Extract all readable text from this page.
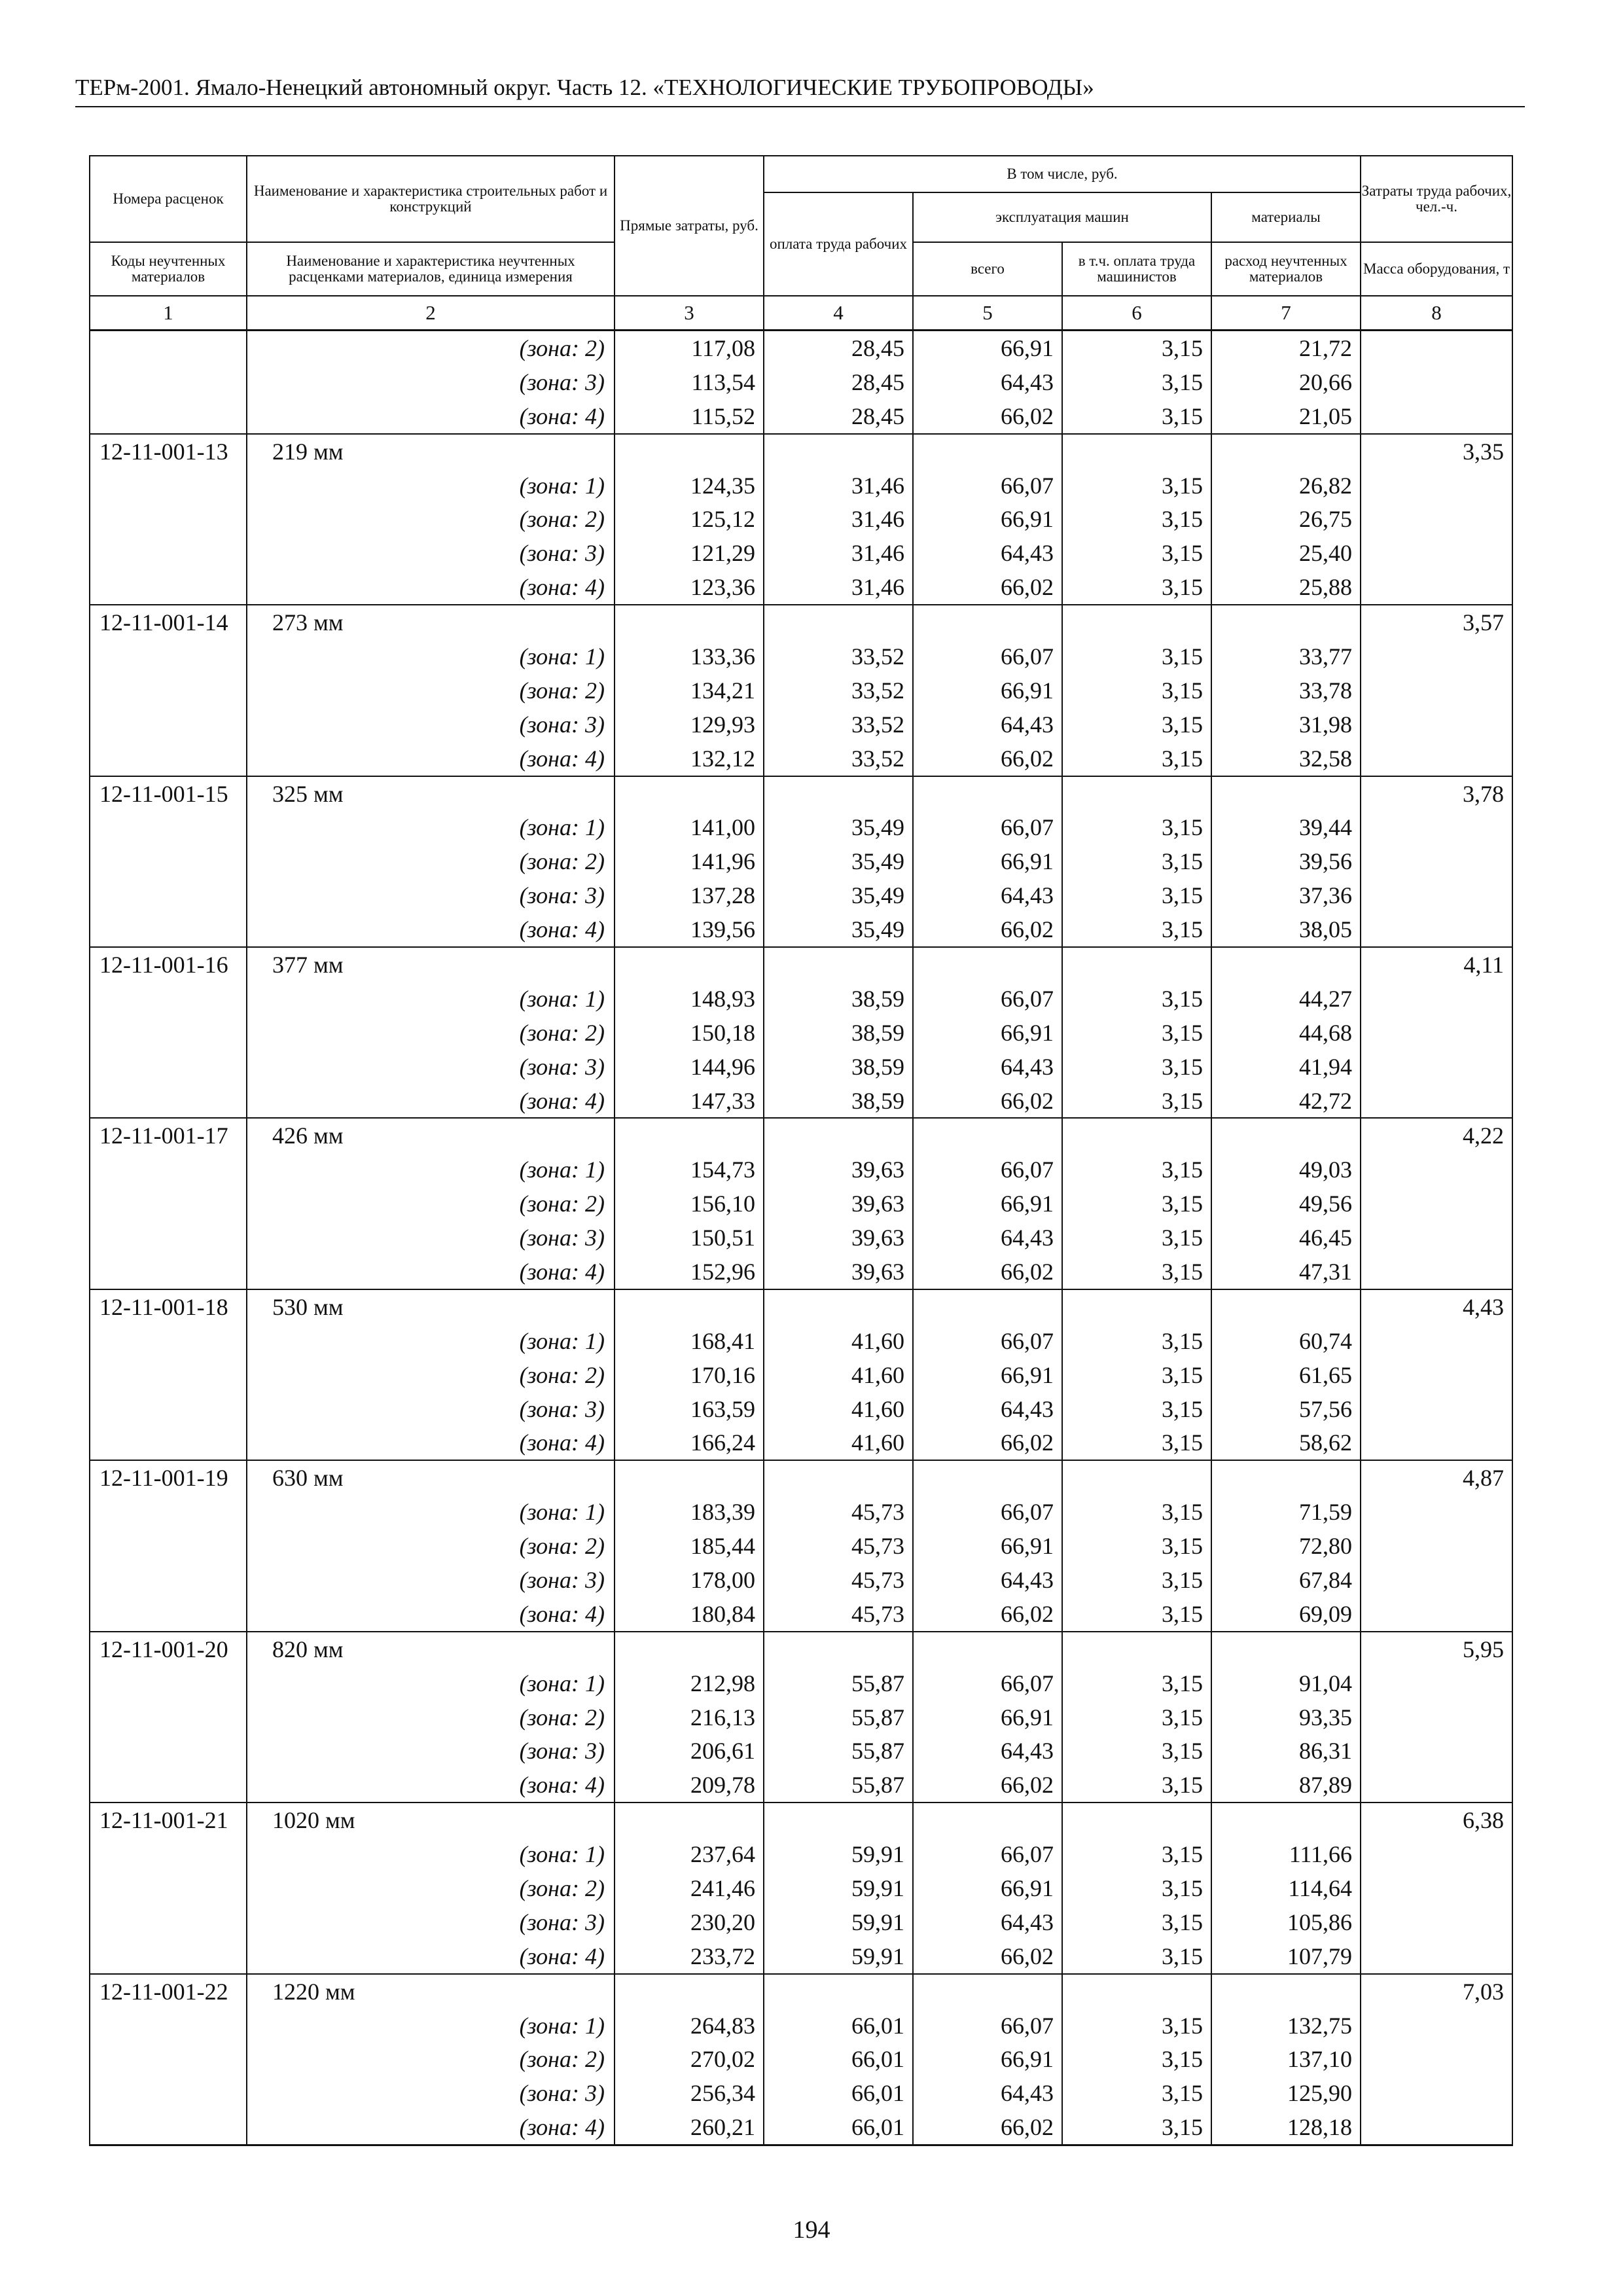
ТЕРм-2001. Ямало-Ненецкий автономный округ. Часть 12. «ТЕХНОЛОГИЧЕСКИЕ ТРУБОПРОВОДЫ»
Номера расценок	Наименование и характеристика строительных работ и конструкций	Прямые затраты, руб.	В том числе, руб.				Затраты труда рабочих, чел.-ч.
			оплата труда рабочих	эксплуатация машин		материалы	

Коды неучтенных материалов	Наименование и характеристика неучтенных расценками материалов, единица измерения			всего	в т.ч. оплата труда машинистов	расход неучтенных материалов	Масса оборудования, т

1	2	3	4	5	6	7	8
	(зона: 2)	117,08	28,45	66,91	3,15	21,72	
	(зона: 3)	113,54	28,45	64,43	3,15	20,66	
	(зона: 4)	115,52	28,45	66,02	3,15	21,05	
12-11-001-13	219 мм						3,35
	(зона: 1)	124,35	31,46	66,07	3,15	26,82	
	(зона: 2)	125,12	31,46	66,91	3,15	26,75	
	(зона: 3)	121,29	31,46	64,43	3,15	25,40	
	(зона: 4)	123,36	31,46	66,02	3,15	25,88	
12-11-001-14	273 мм						3,57
	(зона: 1)	133,36	33,52	66,07	3,15	33,77	
	(зона: 2)	134,21	33,52	66,91	3,15	33,78	
	(зона: 3)	129,93	33,52	64,43	3,15	31,98	
	(зона: 4)	132,12	33,52	66,02	3,15	32,58	
12-11-001-15	325 мм						3,78
	(зона: 1)	141,00	35,49	66,07	3,15	39,44	
	(зона: 2)	141,96	35,49	66,91	3,15	39,56	
	(зона: 3)	137,28	35,49	64,43	3,15	37,36	
	(зона: 4)	139,56	35,49	66,02	3,15	38,05	
12-11-001-16	377 мм						4,11
	(зона: 1)	148,93	38,59	66,07	3,15	44,27	
	(зона: 2)	150,18	38,59	66,91	3,15	44,68	
	(зона: 3)	144,96	38,59	64,43	3,15	41,94	
	(зона: 4)	147,33	38,59	66,02	3,15	42,72	
12-11-001-17	426 мм						4,22
	(зона: 1)	154,73	39,63	66,07	3,15	49,03	
	(зона: 2)	156,10	39,63	66,91	3,15	49,56	
	(зона: 3)	150,51	39,63	64,43	3,15	46,45	
	(зона: 4)	152,96	39,63	66,02	3,15	47,31	
12-11-001-18	530 мм						4,43
	(зона: 1)	168,41	41,60	66,07	3,15	60,74	
	(зона: 2)	170,16	41,60	66,91	3,15	61,65	
	(зона: 3)	163,59	41,60	64,43	3,15	57,56	
	(зона: 4)	166,24	41,60	66,02	3,15	58,62	
12-11-001-19	630 мм						4,87
	(зона: 1)	183,39	45,73	66,07	3,15	71,59	
	(зона: 2)	185,44	45,73	66,91	3,15	72,80	
	(зона: 3)	178,00	45,73	64,43	3,15	67,84	
	(зона: 4)	180,84	45,73	66,02	3,15	69,09	
12-11-001-20	820 мм						5,95
	(зона: 1)	212,98	55,87	66,07	3,15	91,04	
	(зона: 2)	216,13	55,87	66,91	3,15	93,35	
	(зона: 3)	206,61	55,87	64,43	3,15	86,31	
	(зона: 4)	209,78	55,87	66,02	3,15	87,89	
12-11-001-21	1020 мм						6,38
	(зона: 1)	237,64	59,91	66,07	3,15	111,66	
	(зона: 2)	241,46	59,91	66,91	3,15	114,64	
	(зона: 3)	230,20	59,91	64,43	3,15	105,86	
	(зона: 4)	233,72	59,91	66,02	3,15	107,79	
12-11-001-22	1220 мм						7,03
	(зона: 1)	264,83	66,01	66,07	3,15	132,75	
	(зона: 2)	270,02	66,01	66,91	3,15	137,10	
	(зона: 3)	256,34	66,01	64,43	3,15	125,90	
	(зона: 4)	260,21	66,01	66,02	3,15	128,18	
194
